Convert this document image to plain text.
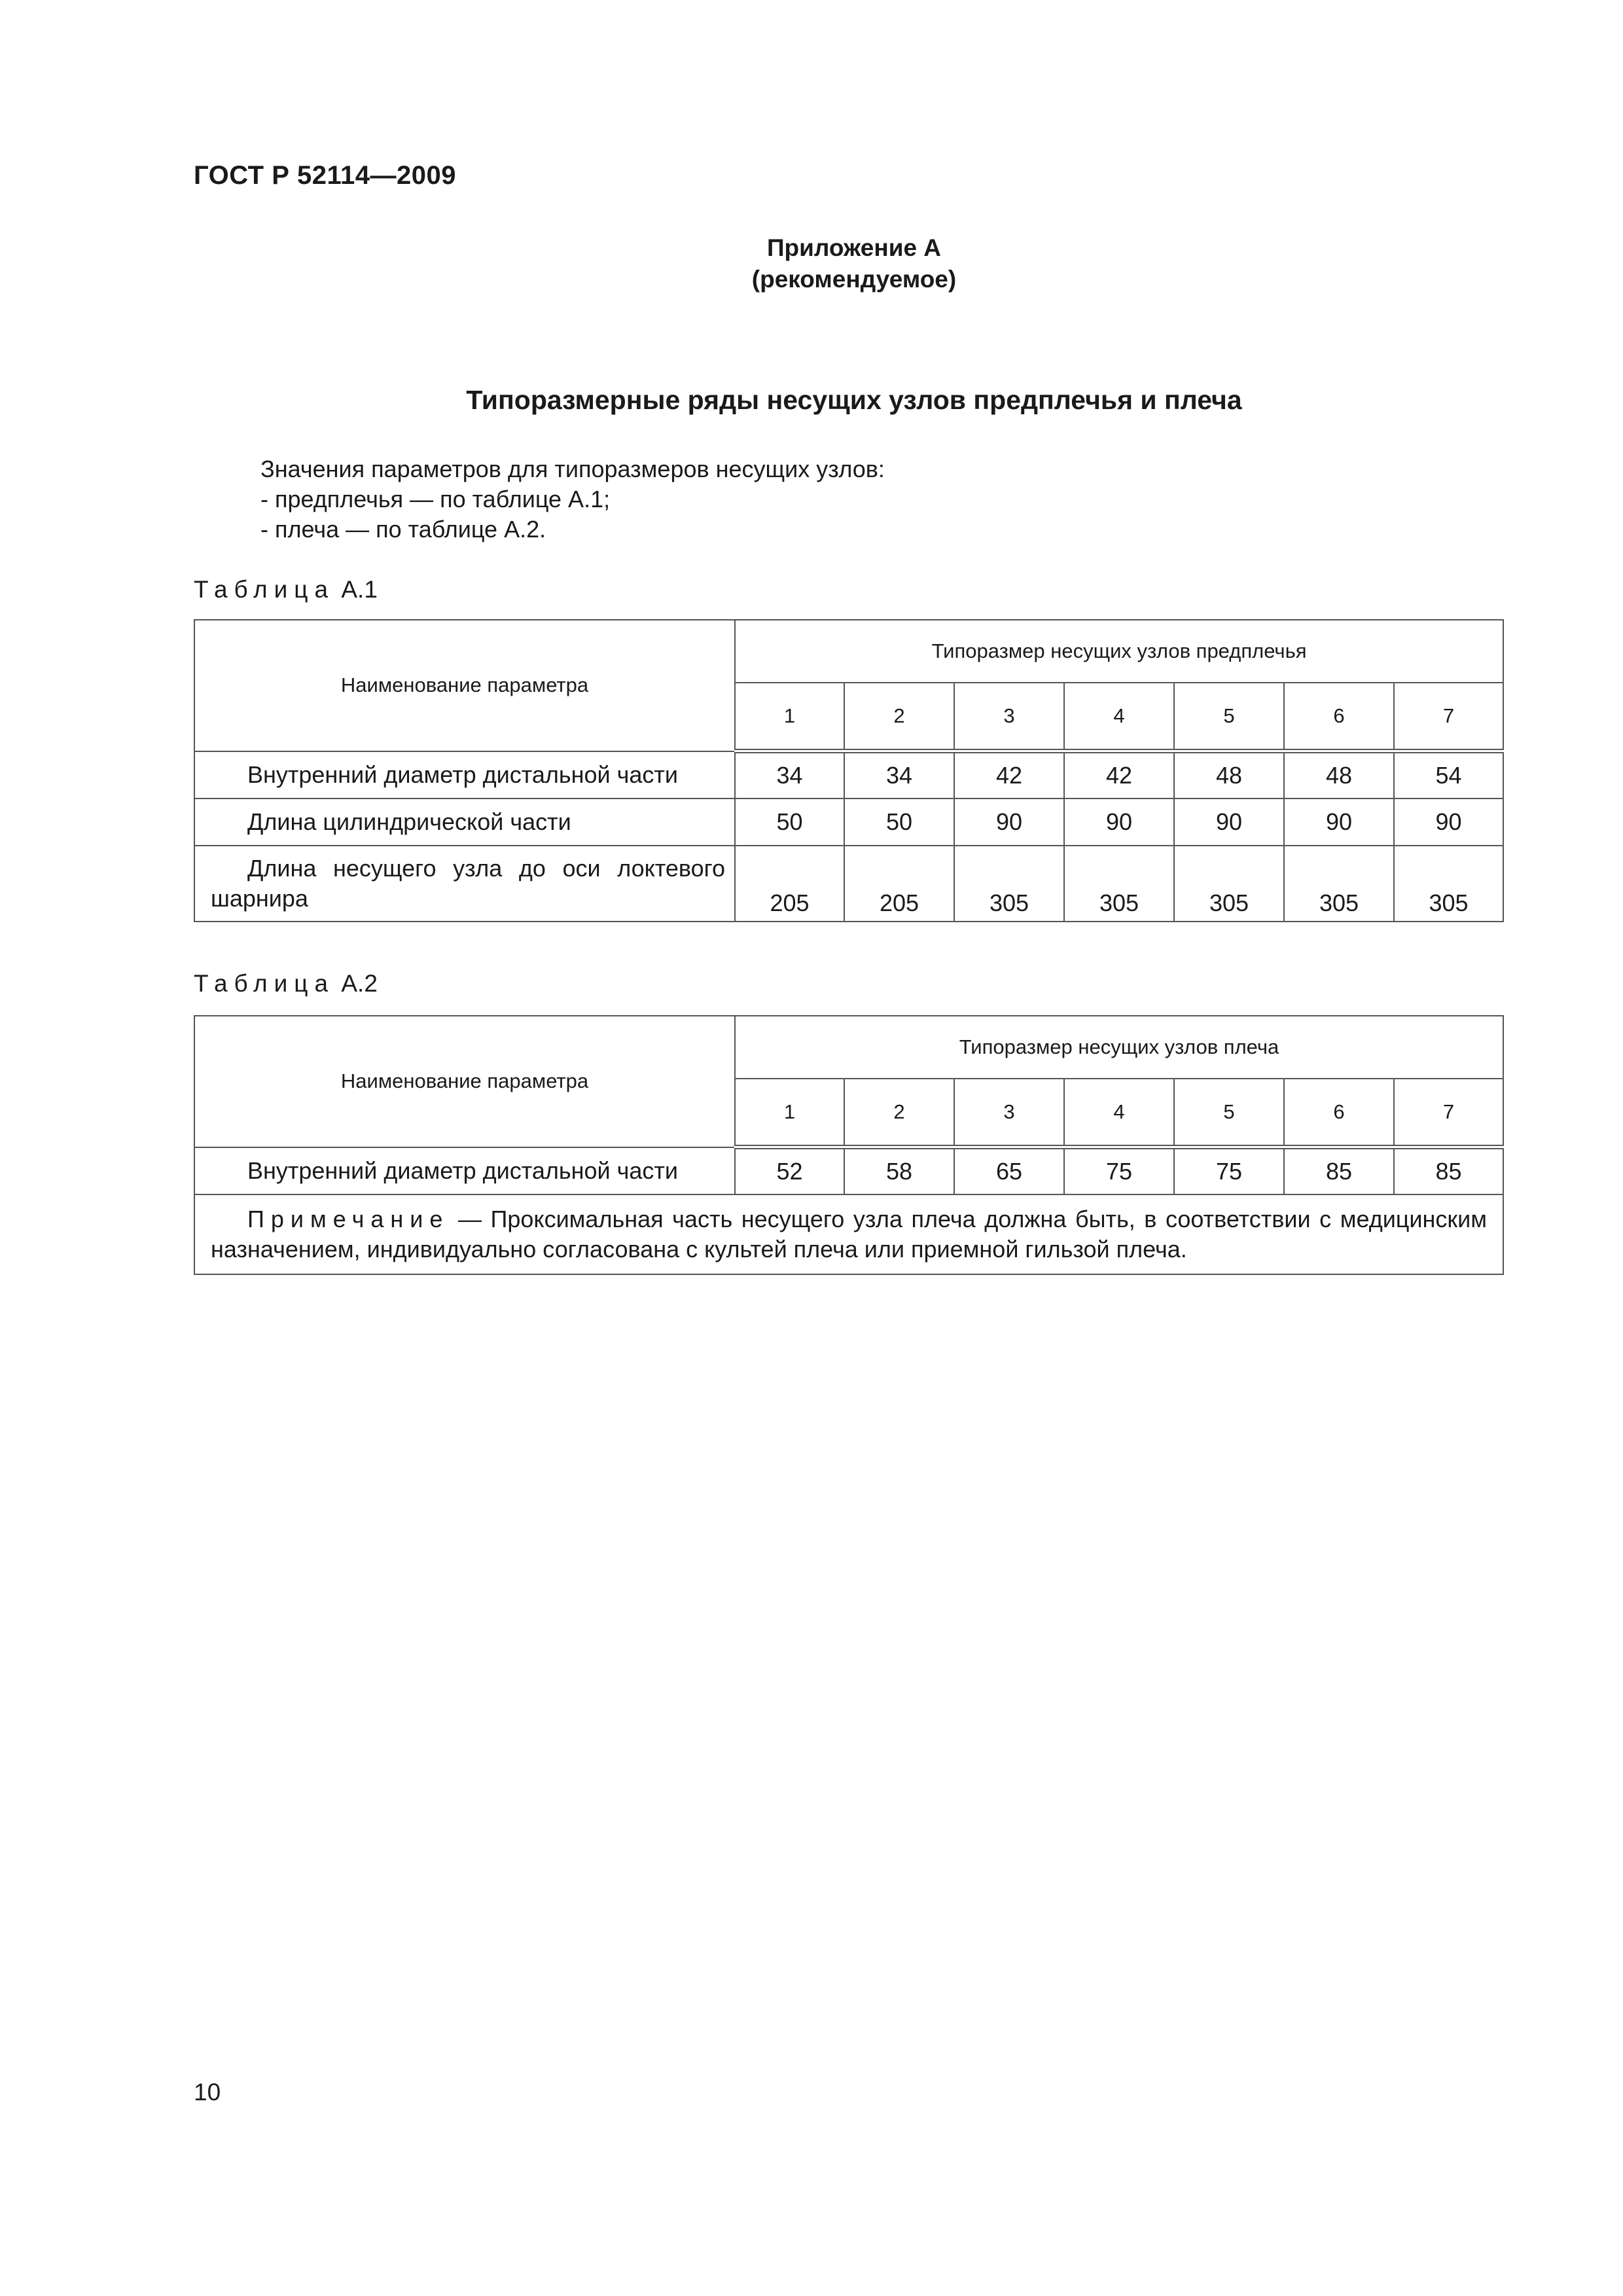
ГОСТ Р 52114—2009
Приложение А
(рекомендуемое)
Типоразмерные ряды несущих узлов предплечья и плеча
Значения параметров для типоразмеров несущих узлов:
- предплечья — по таблице А.1;
- плеча — по таблице А.2.
Таблица А.1
Наименование параметра	Типоразмер несущих узлов предплечья						
	1	2	3	4	5	6	7
Внутренний диаметр дистальной части	34	34	42	42	48	48	54
Длина цилиндрической части	50	50	90	90	90	90	90
Длина несущего узла до оси локтевого шарнира	205	205	305	305	305	305	305
Таблица А.2
Наименование параметра	Типоразмер несущих узлов плеча						
	1	2	3	4	5	6	7
Внутренний диаметр дистальной части	52	58	65	75	75	85	85
Примечание — Проксимальная часть несущего узла плеча должна быть, в соответствии с медицинским назначением, индивидуально согласована с культей плеча или приемной гильзой плеча.							
10
